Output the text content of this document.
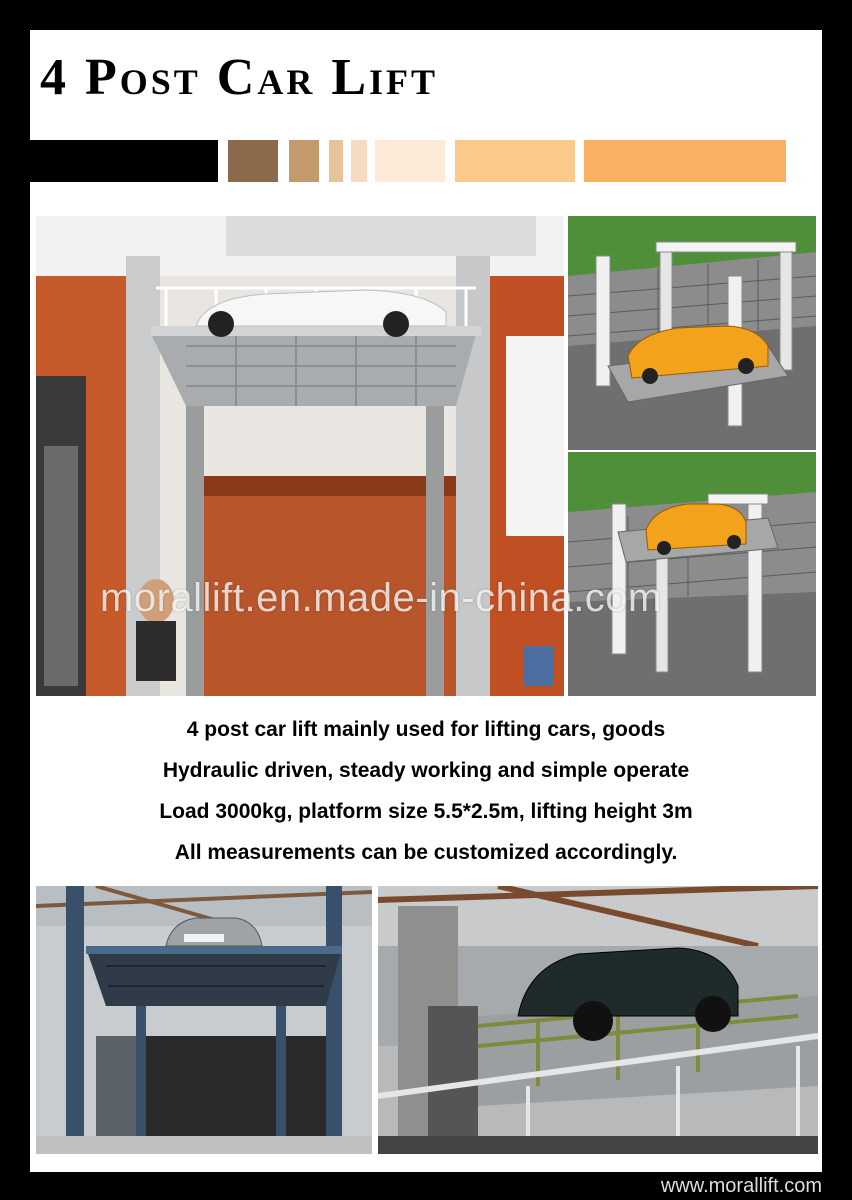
4 Post Car Lift
morallift.en.made-in-china.com
4 post car lift mainly used for lifting cars, goods
Hydraulic driven, steady working and simple operate
Load 3000kg, platform size 5.5*2.5m, lifting height 3m
All measurements can be customized accordingly.
www.morallift.com
